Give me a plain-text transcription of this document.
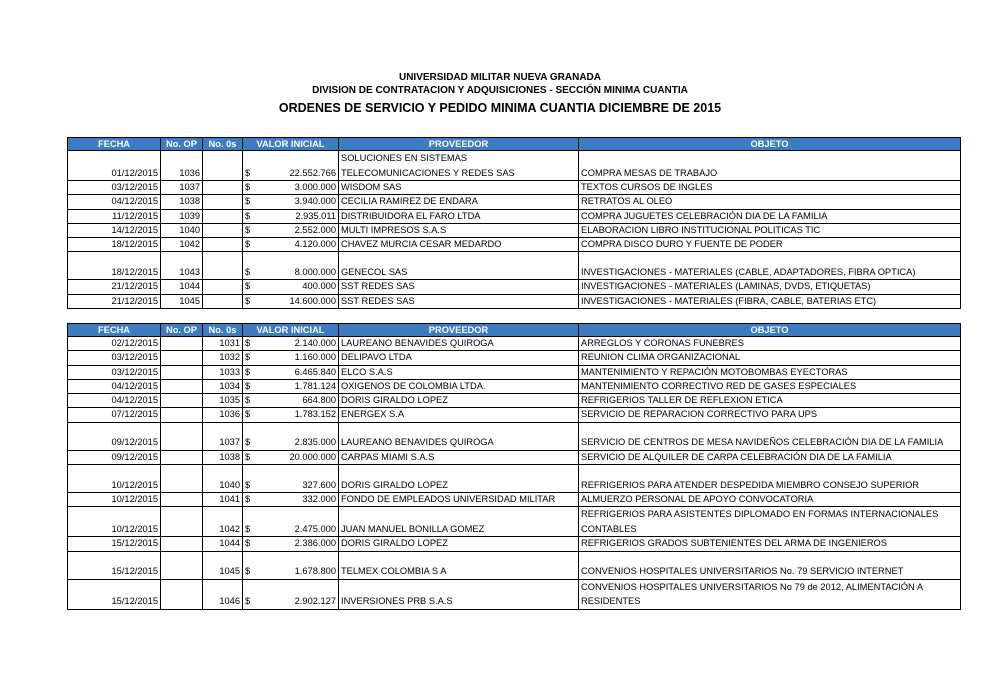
UNIVERSIDAD MILITAR NUEVA GRANADA
DIVISION DE CONTRATACION Y ADQUISICIONES - SECCIÓN MINIMA CUANTIA
ORDENES DE SERVICIO Y PEDIDO MINIMA CUANTIA DICIEMBRE DE 2015
FECHA	No. OP	No. 0s	VALOR INICIAL	PROVEEDOR	OBJETO
01/12/2015	1036		$ 22.552.766	SOLUCIONES EN SISTEMAS TELECOMUNICACIONES Y REDES SAS	COMPRA MESAS DE TRABAJO
03/12/2015	1037		$ 3.000.000	WISDOM SAS	TEXTOS CURSOS DE INGLES
04/12/2015	1038		$ 3.940.000	CECILIA RAMIREZ DE ENDARA	RETRATOS AL OLEO
11/12/2015	1039		$ 2.935.011	DISTRIBUIDORA EL FARO LTDA	COMPRA JUGUETES CELEBRACIÓN DIA DE LA FAMILIA
14/12/2015	1040		$ 2.552.000	MULTI IMPRESOS S.A.S	ELABORACION LIBRO INSTITUCIONAL POLITICAS TIC
18/12/2015	1042		$ 4.120.000	CHAVEZ MURCIA CESAR MEDARDO	COMPRA DISCO DURO Y FUENTE DE PODER
18/12/2015	1043		$ 8.000.000	GENECOL SAS	INVESTIGACIONES - MATERIALES (CABLE, ADAPTADORES, FIBRA OPTICA)
21/12/2015	1044		$ 400.000	SST REDES SAS	INVESTIGACIONES - MATERIALES (LAMINAS, DVDS, ETIQUETAS)
21/12/2015	1045		$ 14.600.000	SST REDES SAS	INVESTIGACIONES - MATERIALES (FIBRA, CABLE, BATERIAS ETC)
FECHA	No. OP	No. 0s	VALOR INICIAL	PROVEEDOR	OBJETO
02/12/2015		1031	$ 2.140.000	LAUREANO BENAVIDES QUIROGA	ARREGLOS Y CORONAS FUNEBRES
03/12/2015		1032	$ 1.160.000	DELIPAVO LTDA	REUNION CLIMA ORGANIZACIONAL
03/12/2015		1033	$ 6.465.840	ELCO S.A.S	MANTENIMIENTO Y REPACIÓN MOTOBOMBAS EYECTORAS
04/12/2015		1034	$ 1.781.124	OXIGENOS DE COLOMBIA LTDA.	MANTENIMIENTO CORRECTIVO RED DE GASES ESPECIALES
04/12/2015		1035	$ 664.800	DORIS GIRALDO LOPEZ	REFRIGERIOS TALLER DE REFLEXION ETICA
07/12/2015		1036	$ 1.783.152	ENERGEX S.A	SERVICIO DE REPARACION CORRECTIVO PARA UPS
09/12/2015		1037	$ 2.835.000	LAUREANO BENAVIDES QUIROGA	SERVICIO DE CENTROS DE MESA NAVIDEÑOS CELEBRACIÓN DIA DE LA FAMILIA
09/12/2015		1038	$ 20.000.000	CARPAS MIAMI S.A.S	SERVICIO DE ALQUILER DE CARPA CELEBRACIÓN DIA DE LA FAMILIA
10/12/2015		1040	$ 327.600	DORIS GIRALDO LOPEZ	REFRIGERIOS PARA ATENDER DESPEDIDA MIEMBRO CONSEJO SUPERIOR
10/12/2015		1041	$ 332.000	FONDO DE EMPLEADOS UNIVERSIDAD MILITAR	ALMUERZO PERSONAL DE APOYO CONVOCATORIA
10/12/2015		1042	$ 2.475.000	JUAN MANUEL BONILLA GOMEZ	REFRIGERIOS PARA ASISTENTES DIPLOMADO EN FORMAS INTERNACIONALES CONTABLES
15/12/2015		1044	$ 2.386.000	DORIS GIRALDO LOPEZ	REFRIGERIOS GRADOS SUBTENIENTES DEL ARMA DE INGENIEROS
15/12/2015		1045	$ 1.678.800	TELMEX COLOMBIA S A	CONVENIOS HOSPITALES UNIVERSITARIOS No. 79 SERVICIO INTERNET
15/12/2015		1046	$ 2.902.127	INVERSIONES PRB S.A.S	CONVENIOS HOSPITALES UNIVERSITARIOS No 79 de 2012, ALIMENTACIÓN A RESIDENTES
